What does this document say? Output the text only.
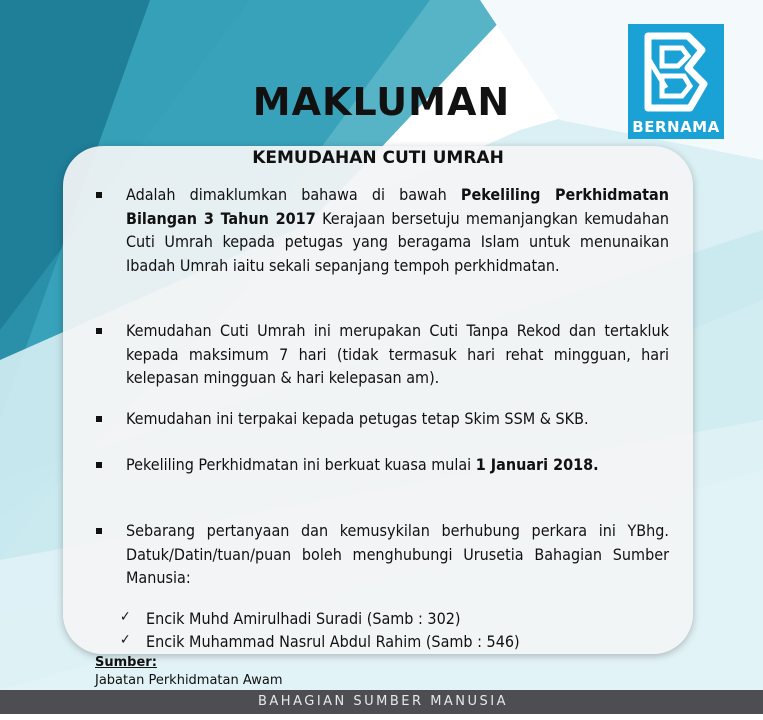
MAKLUMAN
BERNAMA
KEMUDAHAN CUTI UMRAH
Adalah dimaklumkan bahawa di bawah Pekeliling Perkhidmatan Bilangan 3 Tahun 2017 Kerajaan bersetuju memanjangkan kemudahan Cuti Umrah kepada petugas yang beragama Islam untuk menunaikan Ibadah Umrah iaitu sekali sepanjang tempoh perkhidmatan.
Kemudahan Cuti Umrah ini merupakan Cuti Tanpa Rekod dan tertakluk kepada maksimum 7 hari (tidak termasuk hari rehat mingguan, hari kelepasan mingguan & hari kelepasan am).
Kemudahan ini terpakai kepada petugas tetap Skim SSM & SKB.
Pekeliling Perkhidmatan ini berkuat kuasa mulai 1 Januari 2018.
Sebarang pertanyaan dan kemusykilan berhubung perkara ini YBhg. Datuk/Datin/tuan/puan boleh menghubungi Urusetia Bahagian Sumber Manusia:
✓ Encik Muhd Amirulhadi Suradi (Samb : 302)
✓ Encik Muhammad Nasrul Abdul Rahim (Samb : 546)
Sumber:
Jabatan Perkhidmatan Awam
BAHAGIAN SUMBER MANUSIA
